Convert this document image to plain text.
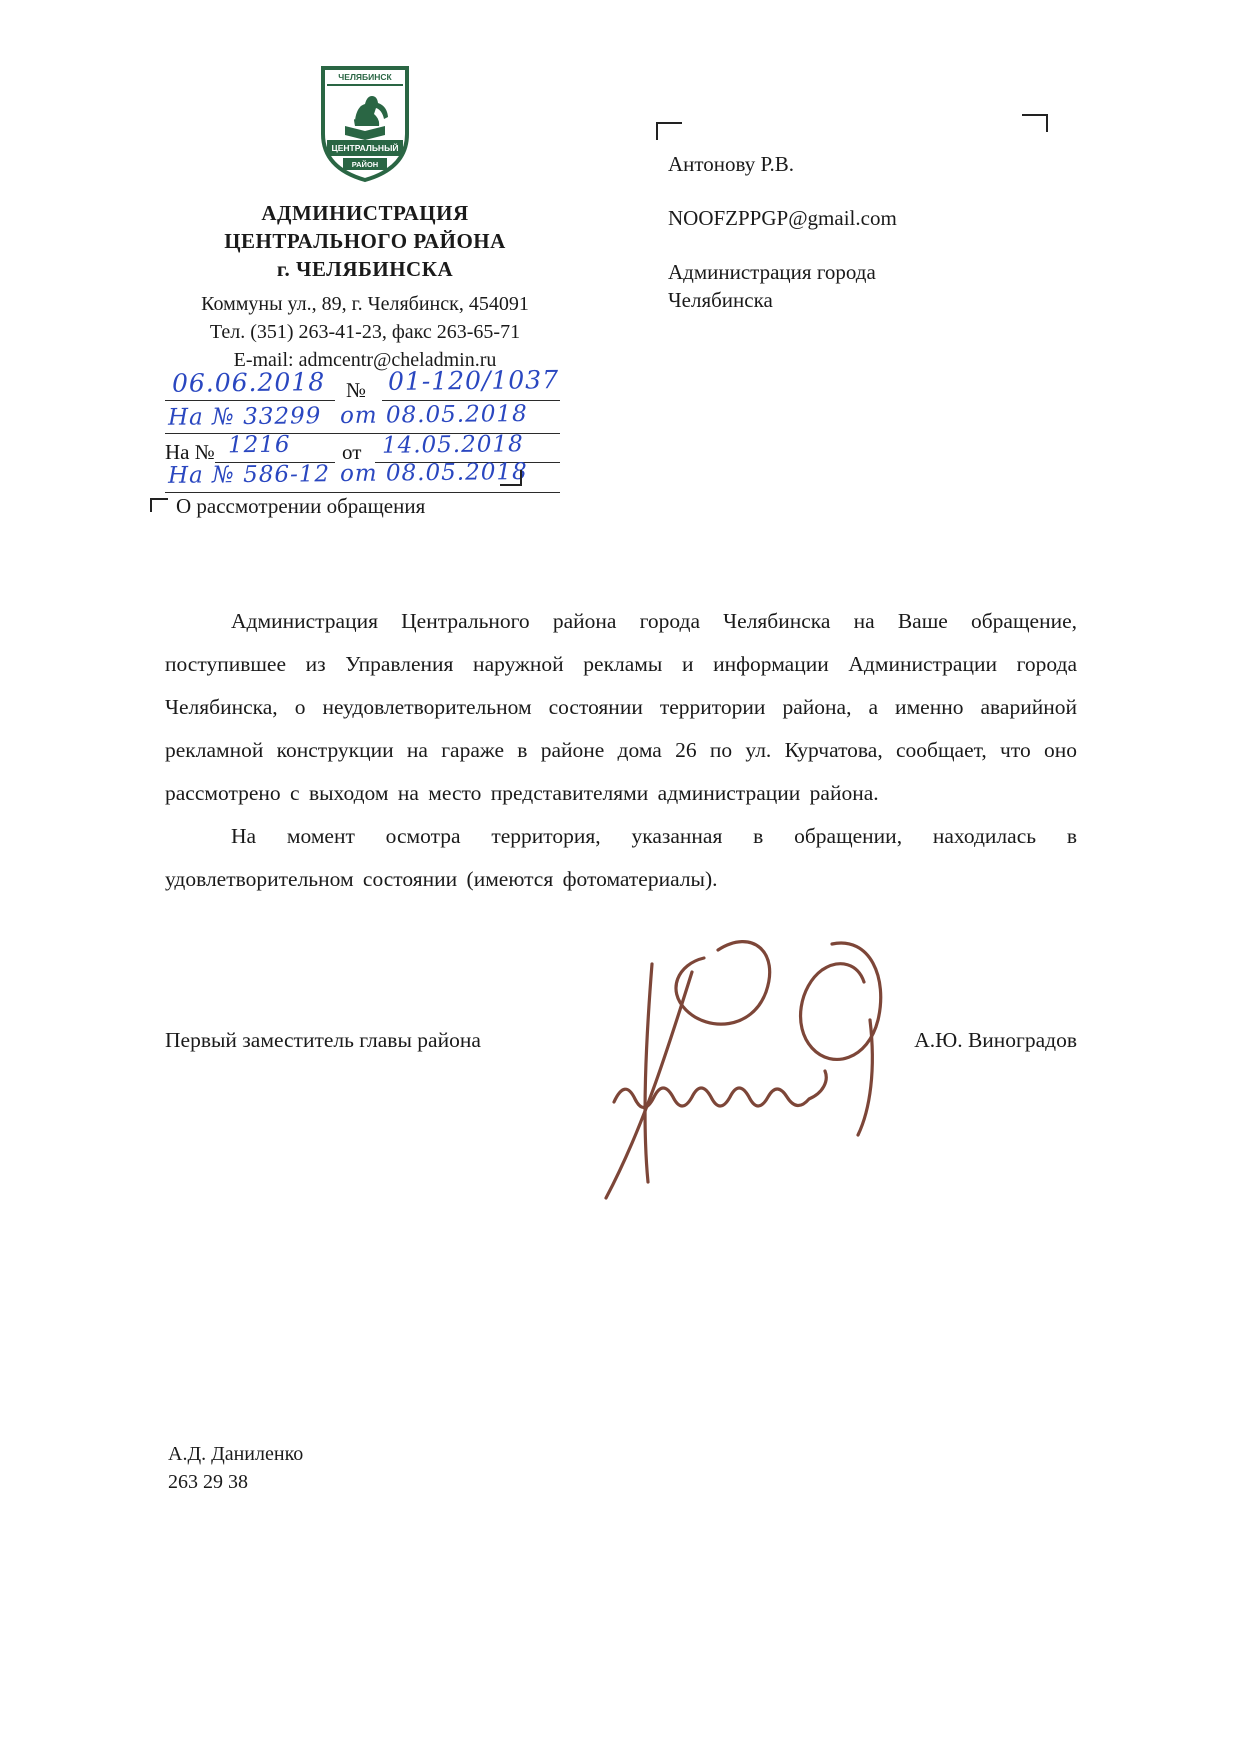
ЧЕЛЯБИНСК
ЦЕНТРАЛЬНЫЙ
РАЙОН
АДМИНИСТРАЦИЯ
ЦЕНТРАЛЬНОГО РАЙОНА
г. ЧЕЛЯБИНСКА
Коммуны ул., 89, г. Челябинск, 454091
Тел. (351) 263-41-23, факс 263-65-71
E-mail: admcentr@cheladmin.ru
Антонову Р.В.
NOOFZPPGP@gmail.com
Администрация города Челябинска
06.06.2018 № 01-120/1037
На № 33299 от 08.05.2018
На № 1216 от 14.05.2018
На № 586-12 от 08.05.2018
О рассмотрении обращения

Администрация Центрального района города Челябинска на Ваше обращение, поступившее из Управления наружной рекламы и информации Администрации города Челябинска, о неудовлетворительном состоянии территории района, а именно аварийной рекламной конструкции на гараже в районе дома 26 по ул. Курчатова, сообщает, что оно рассмотрено с выходом на место представителями администрации района.

На момент осмотра территория, указанная в обращении, находилась в удовлетворительном состоянии (имеются фотоматериалы).

Первый заместитель главы района	А.Ю. Виноградов
А.Д. Даниленко
263 29 38
